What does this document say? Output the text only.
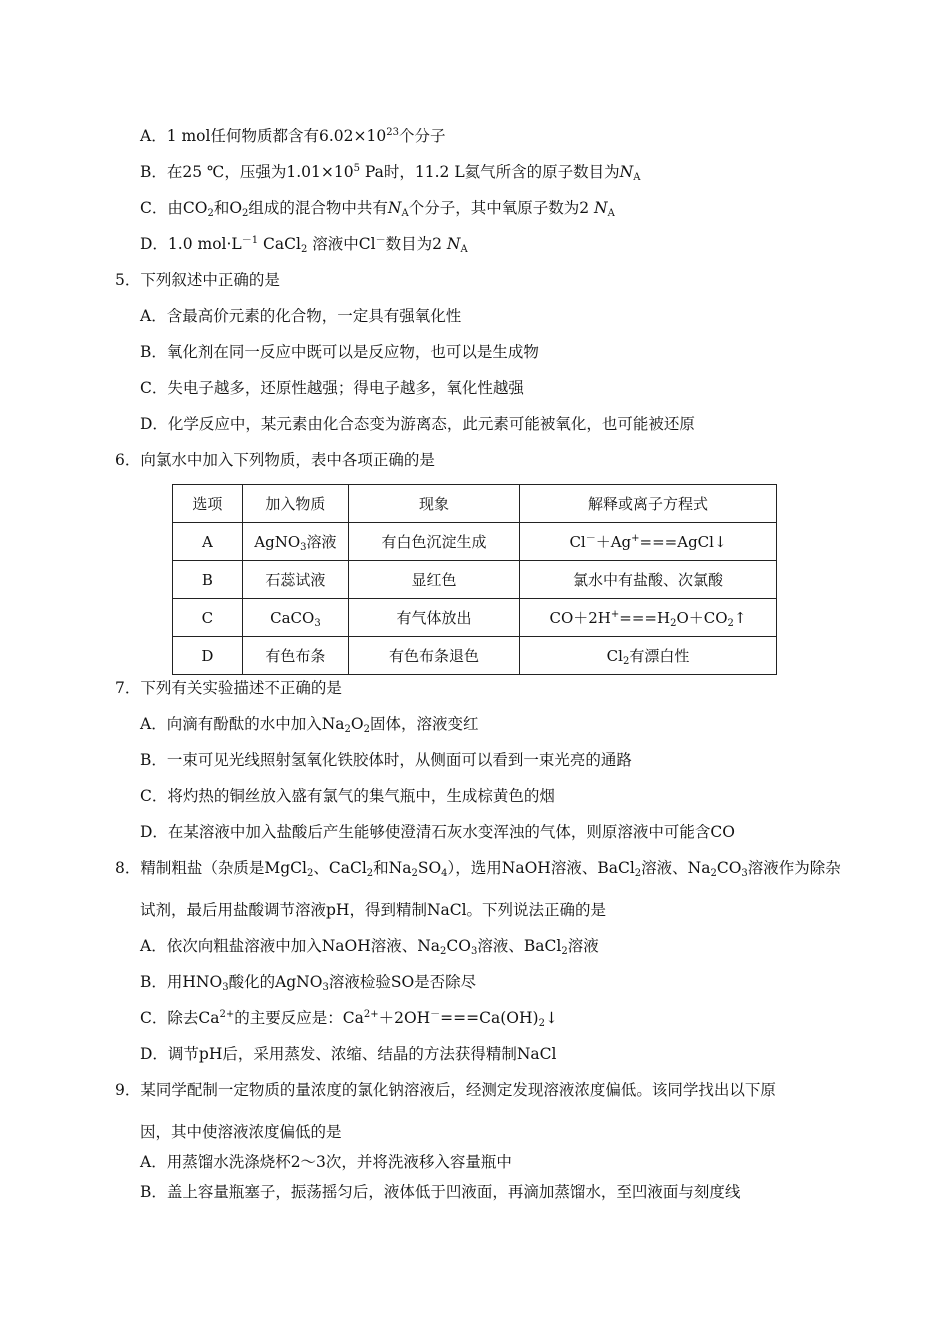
A．1 mol任何物质都含有$6.02\times 10^{23}$个分子
B．在25 ℃，压强为$1.01\times 10^5$ Pa时，11.2 L氦气所含的原子数目为$N_A$
C．由$CO_2$和$O_2$组成的混合物中共有$N_A$个分子，其中氧原子数为2 $N_A$
D．1.0 $mol\cdot L^{-1}$ CaCl$_2$ 溶液中Cl－数目为2 $N_A$
5．下列叙述中正确的是
A．含最高价元素的化合物，一定具有强氧化性
B．氧化剂在同一反应中既可以是反应物，也可以是生成物
C．失电子越多，还原性越强；得电子越多，氧化性越强
D．化学反应中，某元素由化合态变为游离态，此元素可能被氧化，也可能被还原
6．向氯水中加入下列物质，表中各项正确的是
选项	加入物质	现象	解释或离子方程式
A	AgNO$_3$溶液	有白色沉淀生成	Cl－＋Ag+===AgCl↓
B	石蕊试液	显红色	氯水中有盐酸、次氯酸
C	CaCO$_3$	有气体放出	$CO+2H^+===H_2O+CO_2↑$
D	有色布条	有色布条退色	$Cl_2$有漂白性
7．下列有关实验描述不正确的是
A．向滴有酚酞的水中加入$Na_2O_2$固体，溶液变红
B．一束可见光线照射氢氧化铁胶体时，从侧面可以看到一束光亮的通路
C．将灼热的铜丝放入盛有氯气的集气瓶中，生成棕黄色的烟
D．在某溶液中加入盐酸后产生能够使澄清石灰水变浑浊的气体，则原溶液中可能含CO
8．精制粗盐（杂质是MgCl$_2$、CaCl$_2$和$Na_2SO_4$），选用NaOH溶液、BaCl$_2$溶液、$Na_2CO_3$溶液作为除杂
试剂，最后用盐酸调节溶液pH，得到精制NaCl。下列说法正确的是
A．依次向粗盐溶液中加入NaOH溶液、$Na_2CO_3$溶液、BaCl$_2$溶液
B．用$HNO_3$酸化的AgNO$_3$溶液检验SO是否除尽
C．除去$Ca^{2+}$的主要反应是：$Ca^{2+}+2OH^-===Ca(OH)_2↓$
D．调节pH后，采用蒸发、浓缩、结晶的方法获得精制NaCl
9．某同学配制一定物质的量浓度的氯化钠溶液后，经测定发现溶液浓度偏低。该同学找出以下原
因，其中使溶液浓度偏低的是
A．用蒸馏水洗涤烧杯2～3次，并将洗液移入容量瓶中
B．盖上容量瓶塞子，振荡摇匀后，液体低于凹液面，再滴加蒸馏水，至凹液面与刻度线
